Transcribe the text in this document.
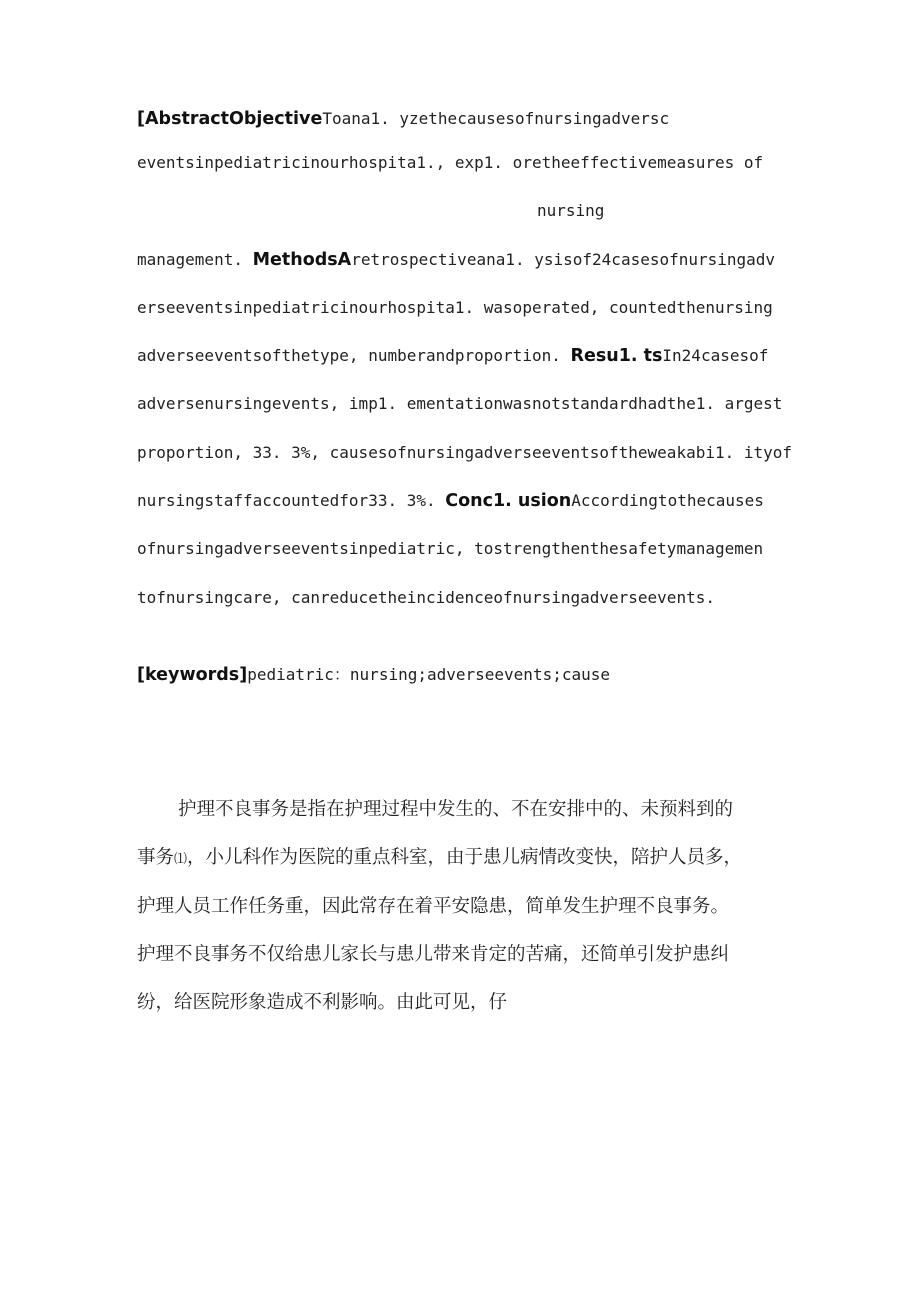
[AbstractObjectiveToana1. yzethecausesofnursingadversc
eventsinpediatricinourhospita1., exp1. oretheeffectivemeasures of
nursing
management. MethodsAretrospectiveana1. ysisof24casesofnursingadv
erseeventsinpediatricinourhospita1. wasoperated, countedthenursing
adverseeventsofthetype, numberandproportion. Resu1. tsIn24casesof
adversenursingevents, imp1. ementationwasnotstandardhadthe1. argest
proportion, 33. 3%, causesofnursingadverseeventsoftheweakabi1. ityof
nursingstaffaccountedfor33. 3%. Conc1. usionAccordingtothecauses
ofnursingadverseeventsinpediatric, tostrengthenthesafetymanagemen
tofnursingcare, canreducetheincidenceofnursingadverseevents.
[keywords]pediatric：nursing;adverseevents;cause
护理不良事务是指在护理过程中发生的、不在安排中的、未预料到的
事务⑴，小儿科作为医院的重点科室，由于患儿病情改变快，陪护人员多，
护理人员工作任务重，因此常存在着平安隐患，简单发生护理不良事务。
护理不良事务不仅给患儿家长与患儿带来肯定的苦痛，还简单引发护患纠
纷，给医院形象造成不利影响。由此可见，仔
